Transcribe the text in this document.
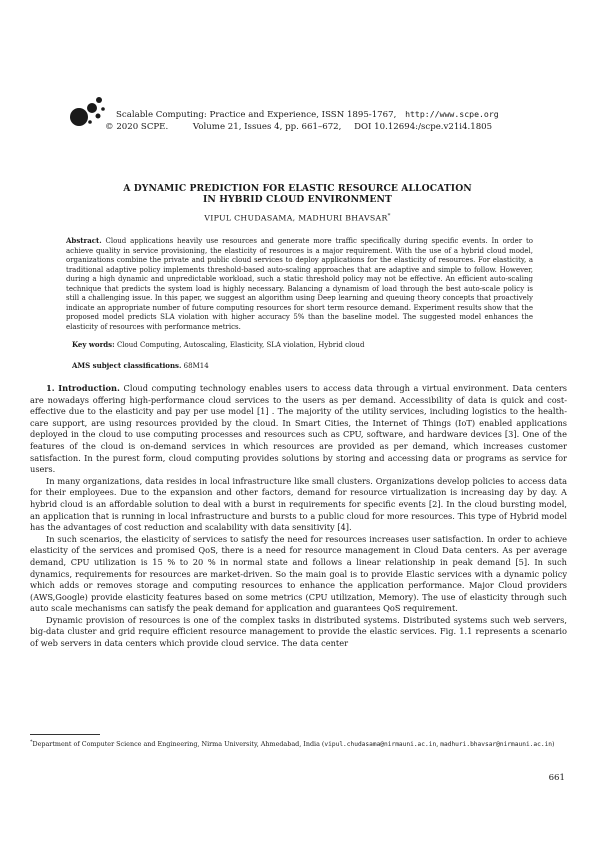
Scalable Computing: Practice and Experience, ISSN 1895-1767, http://www.scpe.org
© 2020 SCPE.	Volume 21, Issues 4, pp. 661–672, DOI 10.12694:/scpe.v21i4.1805
A DYNAMIC PREDICTION FOR ELASTIC RESOURCE ALLOCATION
IN HYBRID CLOUD ENVIRONMENT
VIPUL CHUDASAMA, MADHURI BHAVSAR*
Abstract. Cloud applications heavily use resources and generate more traffic specifically during specific events. In order to achieve quality in service provisioning, the elasticity of resources is a major requirement. With the use of a hybrid cloud model, organizations combine the private and public cloud services to deploy applications for the elasticity of resources. For elasticity, a traditional adaptive policy implements threshold-based auto-scaling approaches that are adaptive and simple to follow. However, during a high dynamic and unpredictable workload, such a static threshold policy may not be effective. An efficient auto-scaling technique that predicts the system load is highly necessary. Balancing a dynamism of load through the best auto-scale policy is still a challenging issue. In this paper, we suggest an algorithm using Deep learning and queuing theory concepts that proactively indicate an appropriate number of future computing resources for short term resource demand. Experiment results show that the proposed model predicts SLA violation with higher accuracy 5% than the baseline model. The suggested model enhances the elasticity of resources with performance metrics.
Key words: Cloud Computing, Autoscaling, Elasticity, SLA violation, Hybrid cloud
AMS subject classifications. 68M14

1. Introduction. Cloud computing technology enables users to access data through a virtual environment. Data centers are nowadays offering high-performance cloud services to the users as per demand. Accessibility of data is quick and cost-effective due to the elasticity and pay per use model [1] . The majority of the utility services, including logistics to the health-care support, are using resources provided by the cloud. In Smart Cities, the Internet of Things (IoT) enabled applications deployed in the cloud to use computing processes and resources such as CPU, software, and hardware devices [3]. One of the features of the cloud is on-demand services in which resources are provided as per demand, which increases customer satisfaction. In the purest form, cloud computing provides solutions by storing and accessing data or programs as service for users.

In many organizations, data resides in local infrastructure like small clusters. Organizations develop policies to access data for their employees. Due to the expansion and other factors, demand for resource virtualization is increasing day by day. A hybrid cloud is an affordable solution to deal with a burst in requirements for specific events [2]. In the cloud bursting model, an application that is running in local infrastructure and bursts to a public cloud for more resources. This type of Hybrid model has the advantages of cost reduction and scalability with data sensitivity [4].

In such scenarios, the elasticity of services to satisfy the need for resources increases user satisfaction. In order to achieve elasticity of the services and promised QoS, there is a need for resource management in Cloud Data centers. As per average demand, CPU utilization is 15 % to 20 % in normal state and follows a linear relationship in peak demand [5]. In such dynamics, requirements for resources are market-driven. So the main goal is to provide Elastic services with a dynamic policy which adds or removes storage and computing resources to enhance the application performance. Major Cloud providers (AWS,Google) provide elasticity features based on some metrics (CPU utilization, Memory). The use of elasticity through such auto scale mechanisms can satisfy the peak demand for application and guarantees QoS requirement.

Dynamic provision of resources is one of the complex tasks in distributed systems. Distributed systems such web servers, big-data cluster and grid require efficient resource management to provide the elastic services. Fig. 1.1 represents a scenario of web servers in data centers which provide cloud service. The data center

*Department of Computer Science and Engineering, Nirma University, Ahmedabad, India (vipul.chudasama@nirmauni.ac.in, madhuri.bhavsar@nirmauni.ac.in)
661
